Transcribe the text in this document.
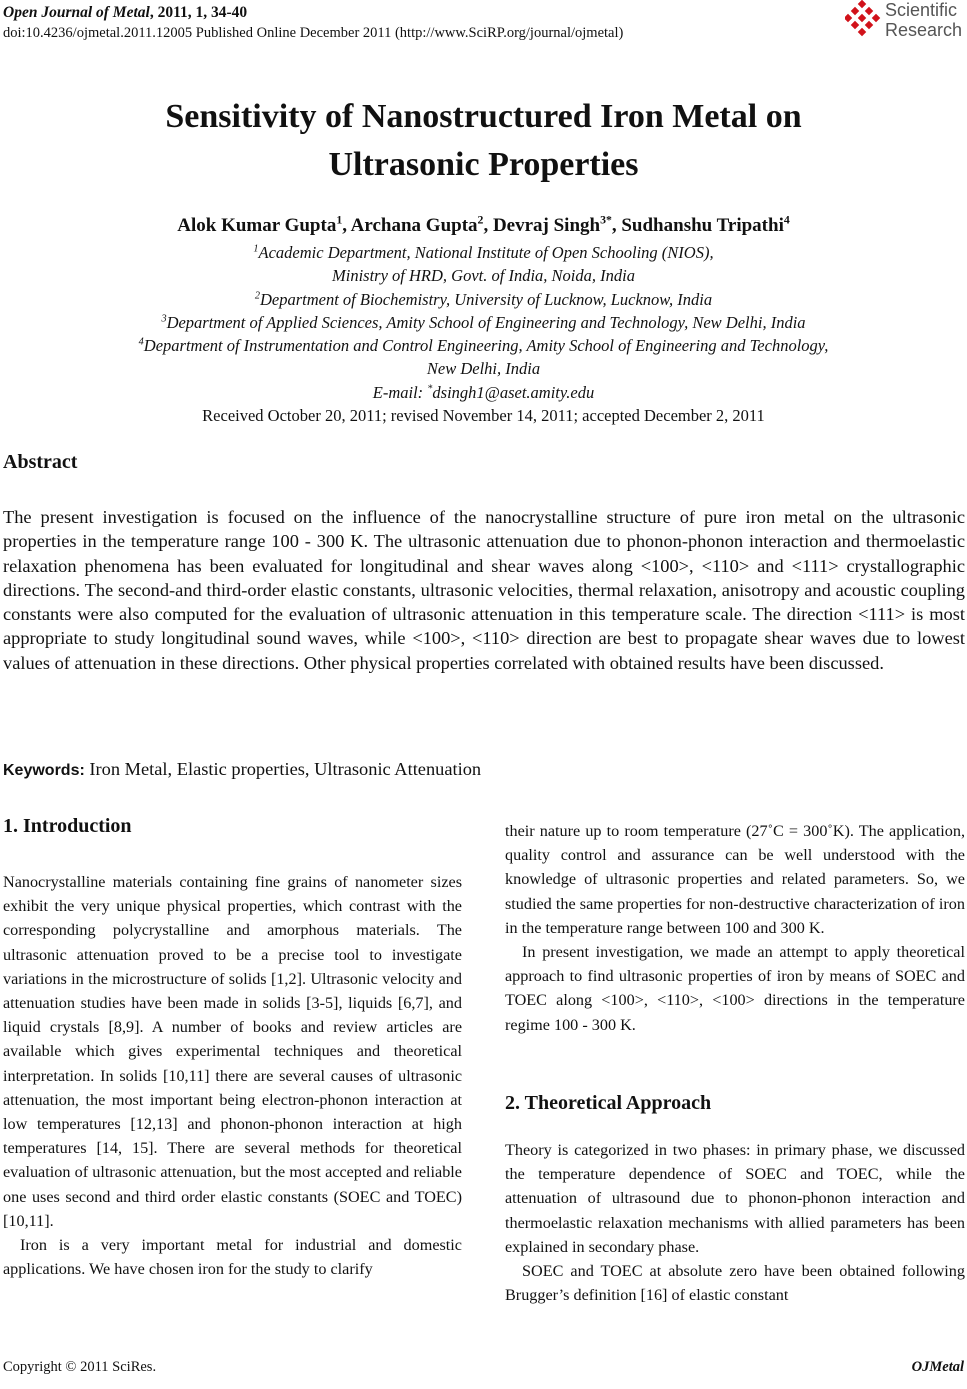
Open Journal of Metal, 2011, 1, 34-40
doi:10.4236/ojmetal.2011.12005 Published Online December 2011 (http://www.SciRP.org/journal/ojmetal)
Scientific
Research
Sensitivity of Nanostructured Iron Metal on
Ultrasonic Properties
Alok Kumar Gupta$^1$, Archana Gupta$^2$, Devraj Singh$^{3*}$, Sudhanshu Tripathi$^4$
$^1$Academic Department, National Institute of Open Schooling (NIOS),
Ministry of HRD, Govt. of India, Noida, India
$^2$Department of Biochemistry, University of Lucknow, Lucknow, India
$^3$Department of Applied Sciences, Amity School of Engineering and Technology, New Delhi, India
$^4$Department of Instrumentation and Control Engineering, Amity School of Engineering and Technology,
New Delhi, India
E-mail: *dsingh1@aset.amity.edu
Received October 20, 2011; revised November 14, 2011; accepted December 2, 2011
Abstract
The present investigation is focused on the influence of the nanocrystalline structure of pure iron metal on the ultrasonic properties in the temperature range 100 - 300 K. The ultrasonic attenuation due to phonon-phonon interaction and thermoelastic relaxation phenomena has been evaluated for longitudinal and shear waves along <100>, <110> and <111> crystallographic directions. The second-and third-order elastic constants, ultrasonic velocities, thermal relaxation, anisotropy and acoustic coupling constants were also computed for the evaluation of ultrasonic attenuation in this temperature scale. The direction <111> is most appropriate to study longitudinal sound waves, while <100>, <110> direction are best to propagate shear waves due to lowest values of attenuation in these directions. Other physical properties correlated with obtained results have been discussed.
Keywords: Iron Metal, Elastic properties, Ultrasonic Attenuation
1. Introduction

Nanocrystalline materials containing fine grains of nanometer sizes exhibit the very unique physical properties, which contrast with the corresponding polycrystalline and amorphous materials. The ultrasonic attenuation proved to be a precise tool to investigate variations in the microstructure of solids [1,2]. Ultrasonic velocity and attenuation studies have been made in solids [3-5], liquids [6,7], and liquid crystals [8,9]. A number of books and review articles are available which gives experimental techniques and theoretical interpretation. In solids [10,11] there are several causes of ultrasonic attenuation, the most important being electron-phonon interaction at low temperatures [12,13] and phonon-phonon interaction at high temperatures [14, 15]. There are several methods for theoretical evaluation of ultrasonic attenuation, but the most accepted and reliable one uses second and third order elastic constants (SOEC and TOEC) [10,11].

Iron is a very important metal for industrial and domestic applications. We have chosen iron for the study to clarify

their nature up to room temperature (27˚C = 300˚K). The application, quality control and assurance can be well understood with the knowledge of ultrasonic properties and related parameters. So, we studied the same properties for non-destructive characterization of iron in the temperature range between 100 and 300 K.

In present investigation, we made an attempt to apply theoretical approach to find ultrasonic properties of iron by means of SOEC and TOEC along <100>, <110>, <100> directions in the temperature regime 100 - 300 K.

2. Theoretical Approach

Theory is categorized in two phases: in primary phase, we discussed the temperature dependence of SOEC and TOEC, while the attenuation of ultrasound due to phonon-phonon interaction and thermoelastic relaxation mechanisms with allied parameters has been explained in secondary phase.

SOEC and TOEC at absolute zero have been obtained following Brugger’s definition [16] of elastic constant

Copyright © 2011 SciRes.	OJMetal
